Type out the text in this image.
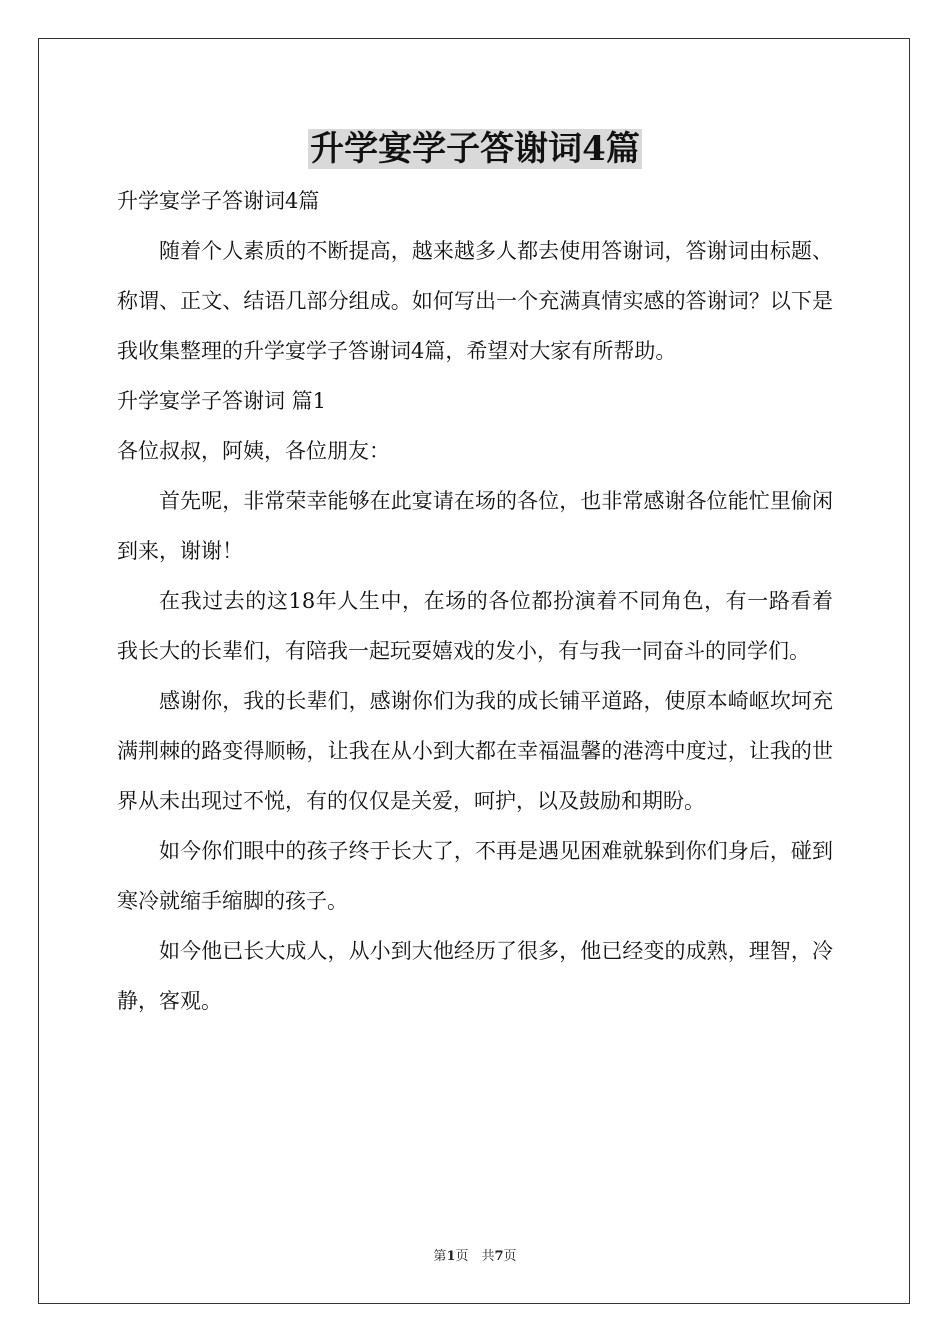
升学宴学子答谢词4篇

升学宴学子答谢词4篇

随着个人素质的不断提高，越来越多人都去使用答谢词，答谢词由标题、称谓、正文、结语几部分组成。如何写出一个充满真情实感的答谢词？以下是我收集整理的升学宴学子答谢词4篇，希望对大家有所帮助。

升学宴学子答谢词 篇1

各位叔叔，阿姨，各位朋友：

首先呢，非常荣幸能够在此宴请在场的各位，也非常感谢各位能忙里偷闲到来，谢谢！

在我过去的这18年人生中，在场的各位都扮演着不同角色，有一路看着我长大的长辈们，有陪我一起玩耍嬉戏的发小，有与我一同奋斗的同学们。

感谢你，我的长辈们，感谢你们为我的成长铺平道路，使原本崎岖坎坷充满荆棘的路变得顺畅，让我在从小到大都在幸福温馨的港湾中度过，让我的世界从未出现过不悦，有的仅仅是关爱，呵护，以及鼓励和期盼。

如今你们眼中的孩子终于长大了，不再是遇见困难就躲到你们身后，碰到寒冷就缩手缩脚的孩子。

如今他已长大成人，从小到大他经历了很多，他已经变的成熟，理智，冷静，客观。

第1页　共7页
